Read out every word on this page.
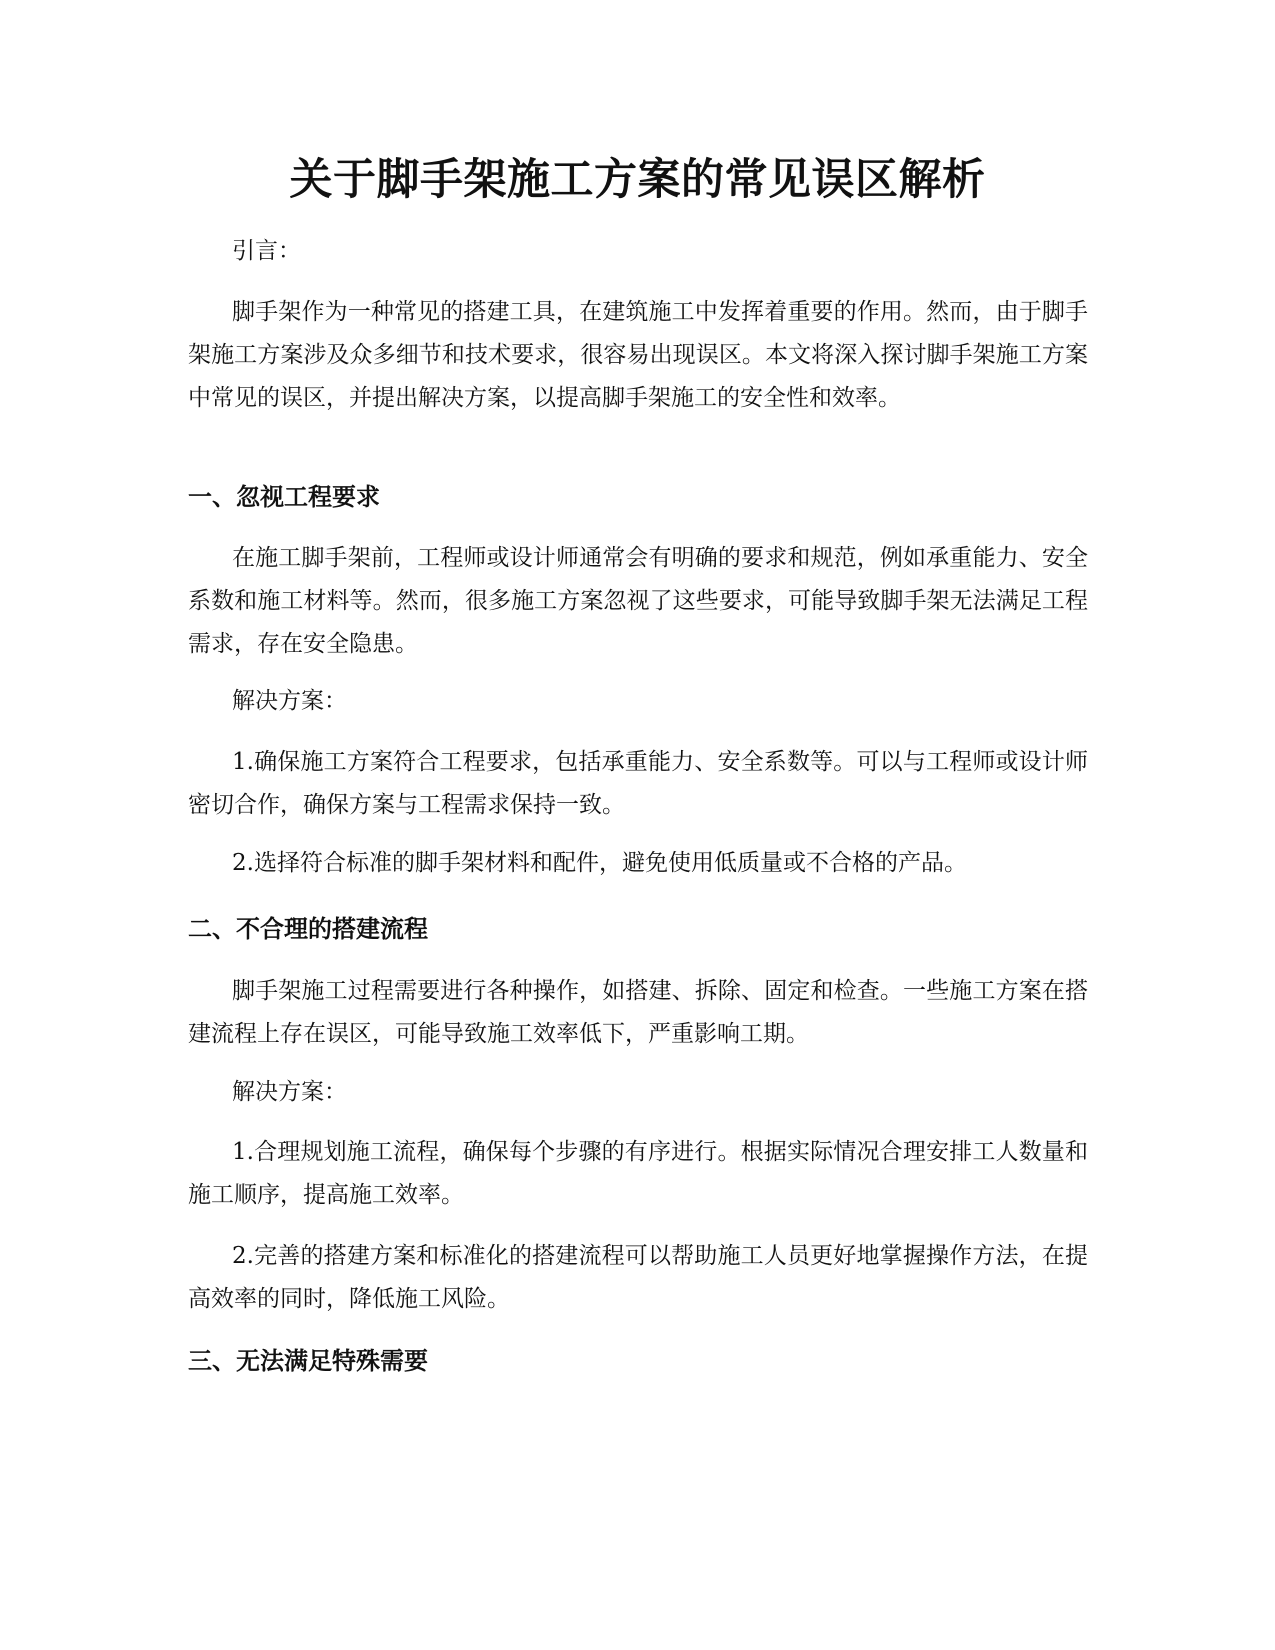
关于脚手架施工方案的常见误区解析

引言：

脚手架作为一种常见的搭建工具，在建筑施工中发挥着重要的作用。然而，由于脚手架施工方案涉及众多细节和技术要求，很容易出现误区。本文将深入探讨脚手架施工方案中常见的误区，并提出解决方案，以提高脚手架施工的安全性和效率。

一、忽视工程要求

在施工脚手架前，工程师或设计师通常会有明确的要求和规范，例如承重能力、安全系数和施工材料等。然而，很多施工方案忽视了这些要求，可能导致脚手架无法满足工程需求，存在安全隐患。

解决方案：

1.确保施工方案符合工程要求，包括承重能力、安全系数等。可以与工程师或设计师密切合作，确保方案与工程需求保持一致。

2.选择符合标准的脚手架材料和配件，避免使用低质量或不合格的产品。

二、不合理的搭建流程

脚手架施工过程需要进行各种操作，如搭建、拆除、固定和检查。一些施工方案在搭建流程上存在误区，可能导致施工效率低下，严重影响工期。

解决方案：

1.合理规划施工流程，确保每个步骤的有序进行。根据实际情况合理安排工人数量和施工顺序，提高施工效率。

2.完善的搭建方案和标准化的搭建流程可以帮助施工人员更好地掌握操作方法，在提高效率的同时，降低施工风险。

三、无法满足特殊需要
